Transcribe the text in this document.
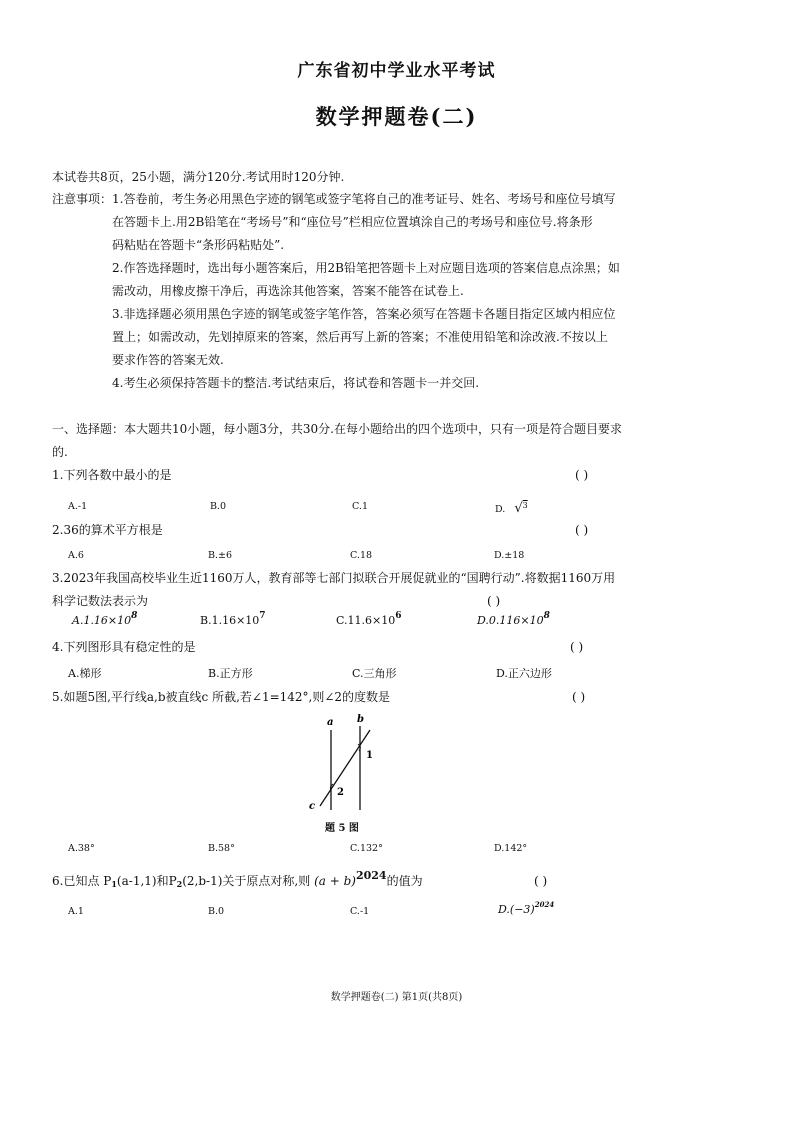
广东省初中学业水平考试
数学押题卷(二)
本试卷共8页，25小题，满分120分.考试用时120分钟.
注意事项： 1.答卷前，考生务必用黑色字迹的钢笔或签字笔将自己的准考证号、姓名、考场号和座位号填写
在答题卡上.用2B铅笔在“考场号”和“座位号”栏相应位置填涂自己的考场号和座位号.将条形
码粘贴在答题卡“条形码粘贴处”.
2.作答选择题时，选出每小题答案后，用2B铅笔把答题卡上对应题目选项的答案信息点涂黑；如
需改动，用橡皮擦干净后，再选涂其他答案，答案不能答在试卷上.
3.非选择题必须用黑色字迹的钢笔或签字笔作答，答案必须写在答题卡各题目指定区域内相应位
置上；如需改动，先划掉原来的答案，然后再写上新的答案；不准使用铅笔和涂改液.不按以上
要求作答的答案无效.
4.考生必须保持答题卡的整洁.考试结束后，将试卷和答题卡一并交回.
一、选择题：本大题共10小题，每小题3分，共30分.在每小题给出的四个选项中，只有一项是符合题目要求
的.
1.下列各数中最小的是	( )
A.-1	B.0	C.1	D. √$^3$
2.36的算术平方根是	( )
A.6	B.±6	C.18	D.±18
3.2023年我国高校毕业生近1160万人，教育部等七部门拟联合开展促就业的“国聘行动”.将数据1160万用
科学记数法表示为	( )
$A.1.16\times 10^8$	$B.1.16\times 10^7$	$C.11.6\times 10^6$	$D.0.116\times 10^8$
4.下列图形具有稳定性的是	( )
A.梯形	B.正方形	C.三角形	D.正六边形
5.如题5图,平行线a,b被直线c 所截,若∠1=142°,则∠2的度数是	( )
a b
c
1
2
题 5 图
A.38°	B.58°	C.132°	D.142°
6.已知点 $P_1(a-1,1)$和$P_2(2,b-1)$关于原点对称,则 (a + b)2024的值为	( )
A.1	B.0	C.-1	$D.(-3)^{2024}$
数学押题卷(二) 第1页(共8页)
